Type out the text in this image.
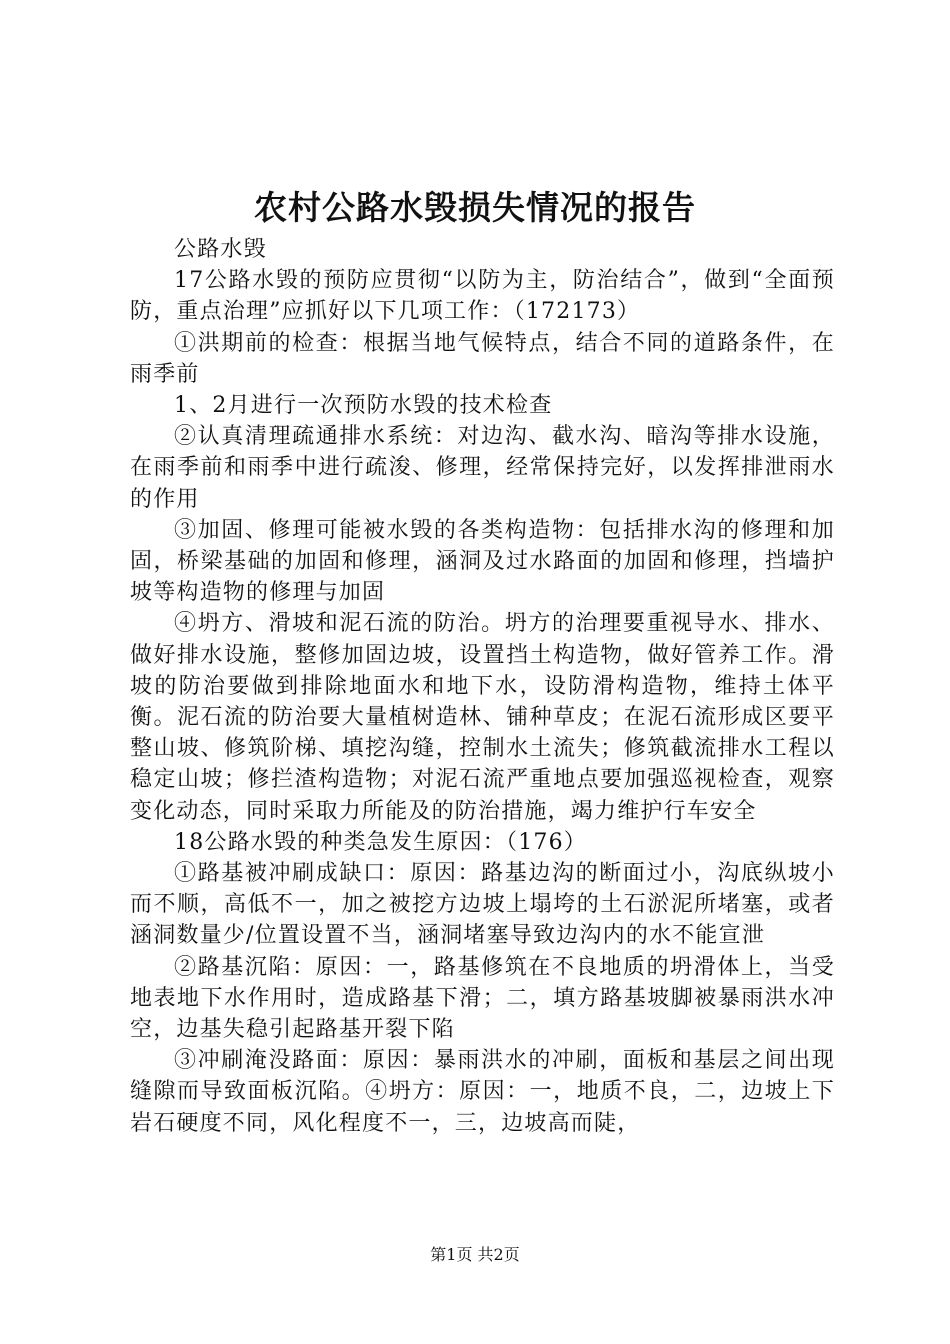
农村公路水毁损失情况的报告

公路水毁

17公路水毁的预防应贯彻“以防为主，防治结合”，做到“全面预防，重点治理”应抓好以下几项工作：（172173）

①洪期前的检查：根据当地气候特点，结合不同的道路条件，在雨季前

1、2月进行一次预防水毁的技术检查

②认真清理疏通排水系统：对边沟、截水沟、暗沟等排水设施，在雨季前和雨季中进行疏浚、修理，经常保持完好，以发挥排泄雨水的作用

③加固、修理可能被水毁的各类构造物：包括排水沟的修理和加固，桥梁基础的加固和修理，涵洞及过水路面的加固和修理，挡墙护坡等构造物的修理与加固

④坍方、滑坡和泥石流的防治。坍方的治理要重视导水、排水、做好排水设施，整修加固边坡，设置挡土构造物，做好管养工作。滑坡的防治要做到排除地面水和地下水，设防滑构造物，维持土体平衡。泥石流的防治要大量植树造林、铺种草皮；在泥石流形成区要平整山坡、修筑阶梯、填挖沟缝，控制水土流失；修筑截流排水工程以稳定山坡；修拦渣构造物；对泥石流严重地点要加强巡视检查，观察变化动态，同时采取力所能及的防治措施，竭力维护行车安全

18公路水毁的种类急发生原因：（176）

①路基被冲刷成缺口：原因：路基边沟的断面过小，沟底纵坡小而不顺，高低不一，加之被挖方边坡上塌垮的土石淤泥所堵塞，或者涵洞数量少/位置设置不当，涵洞堵塞导致边沟内的水不能宣泄

②路基沉陷：原因：一，路基修筑在不良地质的坍滑体上，当受地表地下水作用时，造成路基下滑；二，填方路基坡脚被暴雨洪水冲空，边基失稳引起路基开裂下陷

③冲刷淹没路面：原因：暴雨洪水的冲刷，面板和基层之间出现缝隙而导致面板沉陷。④坍方：原因：一，地质不良，二，边坡上下岩石硬度不同，风化程度不一，三，边坡高而陡，

第1页 共2页
